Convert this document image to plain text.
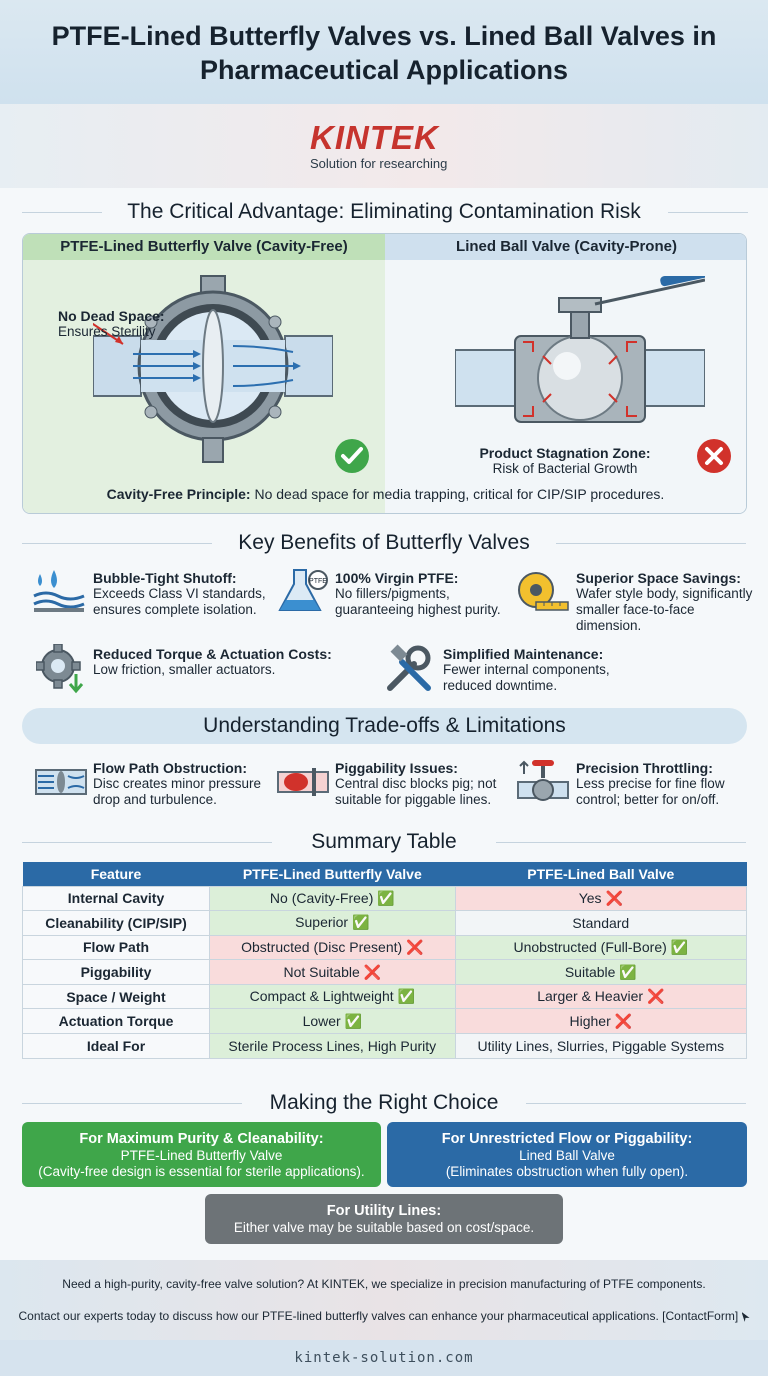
PTFE-Lined Butterfly Valves vs. Lined Ball Valves in Pharmaceutical Applications
KINTEK
Solution for researching
The Critical Advantage: Eliminating Contamination Risk
PTFE-Lined Butterfly Valve (Cavity-Free)
No Dead Space:
Ensures Sterility
Lined Ball Valve (Cavity-Prone)
Product Stagnation Zone:
Risk of Bacterial Growth
Cavity-Free Principle: No dead space for media trapping, critical for CIP/SIP procedures.
Key Benefits of Butterfly Valves
Bubble-Tight Shutoff:
Exceeds Class VI standards, ensures complete isolation.
PTFE 100% Virgin PTFE:
No fillers/pigments, guaranteeing highest purity.
Superior Space Savings:
Wafer style body, significantly smaller face-to-face dimension.
Reduced Torque & Actuation Costs:
Low friction, smaller actuators.
Simplified Maintenance:
Fewer internal components, reduced downtime.
Understanding Trade-offs & Limitations
Flow Path Obstruction:
Disc creates minor pressure drop and turbulence.
Piggability Issues:
Central disc blocks pig; not suitable for piggable lines.
Precision Throttling:
Less precise for fine flow control; better for on/off.
Summary Table
Feature	PTFE-Lined Butterfly Valve	PTFE-Lined Ball Valve
Internal Cavity	No (Cavity-Free) ✅	Yes ❌
Cleanability (CIP/SIP)	Superior ✅	Standard
Flow Path	Obstructed (Disc Present) ❌	Unobstructed (Full-Bore) ✅
Piggability	Not Suitable ❌	Suitable ✅
Space / Weight	Compact & Lightweight ✅	Larger & Heavier ❌
Actuation Torque	Lower ✅	Higher ❌
Ideal For	Sterile Process Lines, High Purity	Utility Lines, Slurries, Piggable Systems
Making the Right Choice
For Maximum Purity & Cleanability:
PTFE-Lined Butterfly Valve
(Cavity-free design is essential for sterile applications).
For Unrestricted Flow or Piggability:
Lined Ball Valve
(Eliminates obstruction when fully open).
For Utility Lines:
Either valve may be suitable based on cost/space.

Need a high-purity, cavity-free valve solution? At KINTEK, we specialize in precision manufacturing of PTFE components.

Contact our experts today to discuss how our PTFE-lined butterfly valves can enhance your pharmaceutical applications. [ContactForm]

kintek-solution.com
